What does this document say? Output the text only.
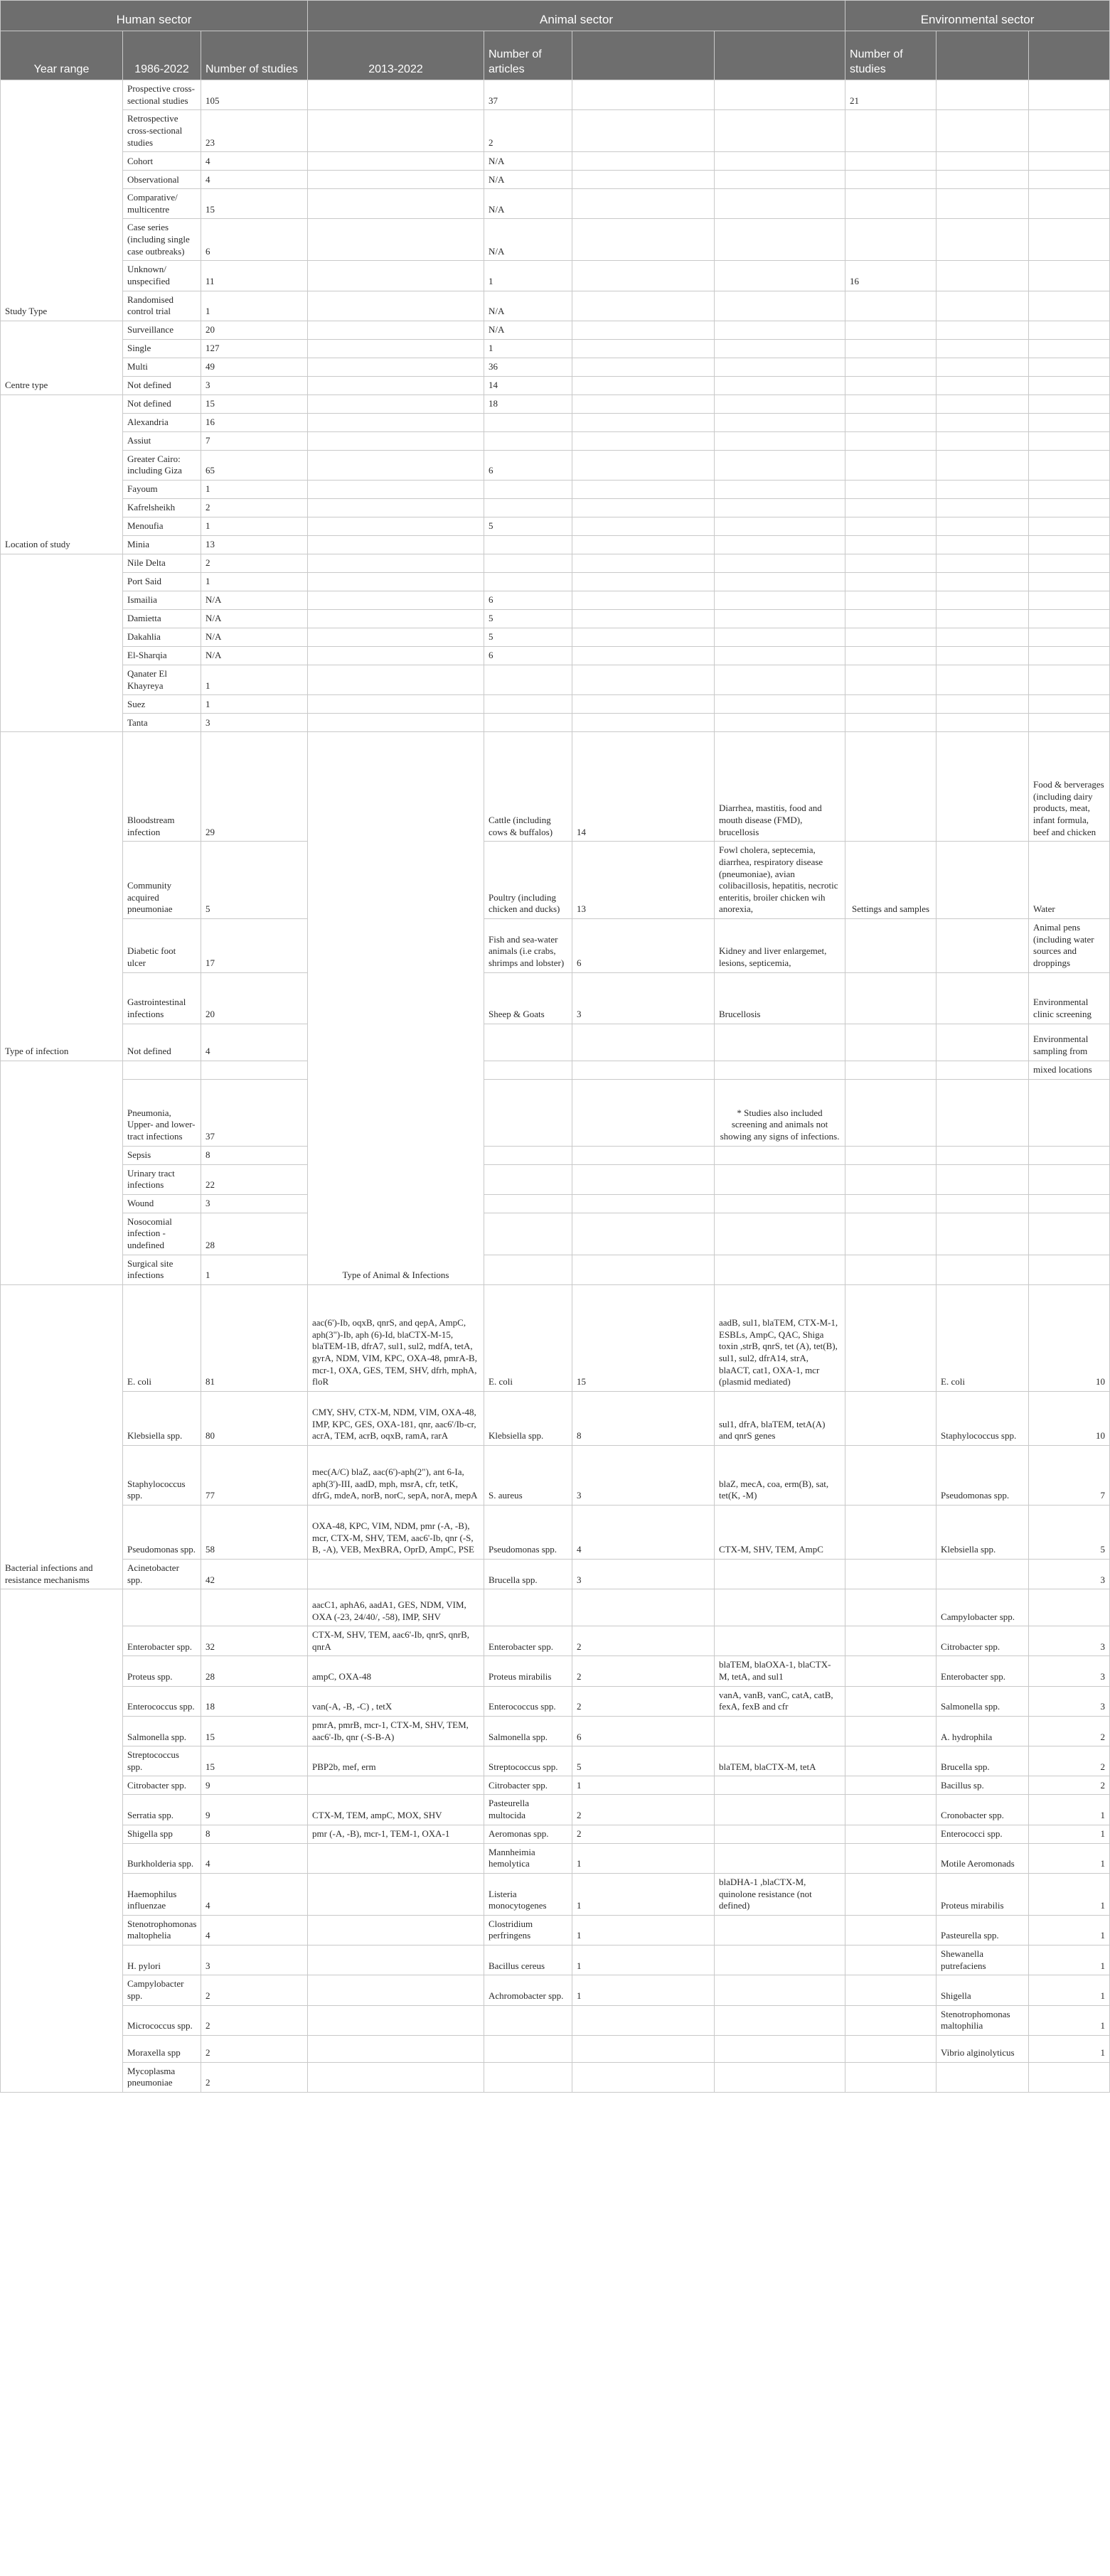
Human sector			Animal sector				Environmental sector		
Year range	1986-2022	Number of studies	2013-2022	Number of articles			Number of studies		
Study Type	Prospective cross-sectional studies	105		37			21		
	Retrospective cross-sectional studies	23		2					
	Cohort	4		N/A					
	Observational	4		N/A					
	Comparative/ multicentre	15		N/A					
	Case series (including single case outbreaks)	6		N/A					
	Unknown/ unspecified	11		1			16		
	Randomised control trial	1		N/A					
Centre type	Surveillance	20		N/A					
	Single	127		1					
	Multi	49		36					
	Not defined	3		14					
Location of study	Not defined	15		18					
	Alexandria	16							
	Assiut	7							
	Greater Cairo: including Giza	65		6					
	Fayoum	1							
	Kafrelsheikh	2							
	Menoufia	1		5					
	Minia	13							
	Nile Delta	2							
	Port Said	1							
	Ismailia	N/A		6					
	Damietta	N/A		5					
	Dakahlia	N/A		5					
	El-Sharqia	N/A		6					
	Qanater El Khayreya	1							
	Suez	1							
	Tanta	3							
Type of infection	Bloodstream infection	29	Type of Animal & Infections	Cattle (including cows & buffalos)	14	Diarrhea, mastitis, food and mouth disease (FMD), brucellosis			Food & berverages (including dairy products, meat, infant formula, beef and chicken
	Community acquired pneumoniae	5		Poultry (including chicken and ducks)	13	Fowl cholera, septecemia, diarrhea, respiratory disease (pneumoniae), avian colibacillosis, hepatitis, necrotic enteritis, broiler chicken wih anorexia,	Settings and samples		Water
	Diabetic foot ulcer	17		Fish and sea-water animals (i.e crabs, shrimps and lobster)	6	Kidney and liver enlargemet, lesions, septicemia,			Animal pens (including water sources and droppings
	Gastrointestinal infections	20		Sheep & Goats	3	Brucellosis			Environmental clinic screening
	Not defined	4							Environmental sampling from
									mixed locations
	Pneumonia, Upper- and lower- tract infections	37				* Studies also included screening and animals not showing any signs of infections.			
	Sepsis	8							
	Urinary tract infections	22							
	Wound	3							
	Nosocomial infection - undefined	28							
	Surgical site infections	1							
Bacterial infections and resistance mechanisms	E. coli	81	aac(6')-Ib, oqxB, qnrS, and qepA, AmpC, aph(3")-Ib, aph (6)-Id, blaCTX-M-15, blaTEM-1B, dfrA7, sul1, sul2, mdfA, tetA, gyrA, NDM, VIM, KPC, OXA-48, pmrA-B, mcr-1, OXA, GES, TEM, SHV, dfrh, mphA, floR	E. coli	15	aadB, sul1, blaTEM, CTX-M-1, ESBLs, AmpC, QAC, Shiga toxin ,strB, qnrS, tet (A), tet(B), sul1, sul2, dfrA14, strA, blaACT, cat1, OXA-1, mcr (plasmid mediated)		E. coli	10
	Klebsiella spp.	80	CMY, SHV, CTX-M, NDM, VIM, OXA-48, IMP, KPC, GES, OXA-181, qnr, aac6'/Ib-cr, acrA, TEM, acrB, oqxB, ramA, rarA	Klebsiella spp.	8	sul1, dfrA, blaTEM, tetA(A) and qnrS genes		Staphylococcus spp.	10
	Staphylococcus spp.	77	mec(A/C) blaZ, aac(6')-aph(2"), ant 6-Ia, aph(3')-III, aadD, mph, msrA, cfr, tetK, dfrG, mdeA, norB, norC, sepA, norA, mepA	S. aureus	3	blaZ, mecA, coa, erm(B), sat, tet(K, -M)		Pseudomonas spp.	7
	Pseudomonas spp.	58	OXA-48, KPC, VIM, NDM, pmr (-A, -B), mcr, CTX-M, SHV, TEM, aac6'-Ib, qnr (-S, B, -A), VEB, MexBRA, OprD, AmpC, PSE	Pseudomonas spp.	4	CTX-M, SHV, TEM, AmpC		Klebsiella spp.	5
	Acinetobacter spp.	42		Brucella spp.	3				3
			aacC1, aphA6, aadA1, GES, NDM, VIM, OXA (-23, 24/40/, -58), IMP, SHV					Campylobacter spp.	
	Enterobacter spp.	32	CTX-M, SHV, TEM, aac6'-Ib, qnrS, qnrB, qnrA	Enterobacter spp.	2			Citrobacter spp.	3
	Proteus spp.	28	ampC, OXA-48	Proteus mirabilis	2	blaTEM, blaOXA-1, blaCTX-M, tetA, and sul1		Enterobacter spp.	3
	Enterococcus spp.	18	van(-A, -B, -C) , tetX	Enterococcus spp.	2	vanA, vanB, vanC, catA, catB, fexA, fexB and cfr		Salmonella spp.	3
	Salmonella spp.	15	pmrA, pmrB, mcr-1, CTX-M, SHV, TEM, aac6'-Ib, qnr (-S-B-A)	Salmonella spp.	6			A. hydrophila	2
	Streptococcus spp.	15	PBP2b, mef, erm	Streptococcus spp.	5	blaTEM, blaCTX-M, tetA		Brucella spp.	2
	Citrobacter spp.	9		Citrobacter spp.	1			Bacillus sp.	2
	Serratia spp.	9	CTX-M, TEM, ampC, MOX, SHV	Pasteurella multocida	2			Cronobacter spp.	1
	Shigella spp	8	pmr (-A, -B), mcr-1, TEM-1, OXA-1	Aeromonas spp.	2			Enterococci spp.	1
	Burkholderia spp.	4		Mannheimia hemolytica	1			Motile Aeromonads	1
	Haemophilus influenzae	4		Listeria monocytogenes	1	blaDHA-1 ,blaCTX-M, quinolone resistance (not defined)		Proteus mirabilis	1
	Stenotrophomonas maltophelia	4		Clostridium perfringens	1			Pasteurella spp.	1
	H. pylori	3		Bacillus cereus	1			Shewanella putrefaciens	1
	Campylobacter spp.	2		Achromobacter spp.	1			Shigella	1
	Micrococcus spp.	2						Stenotrophomonas maltophilia	1
	Moraxella spp	2						Vibrio alginolyticus	1
	Mycoplasma pneumoniae	2							
